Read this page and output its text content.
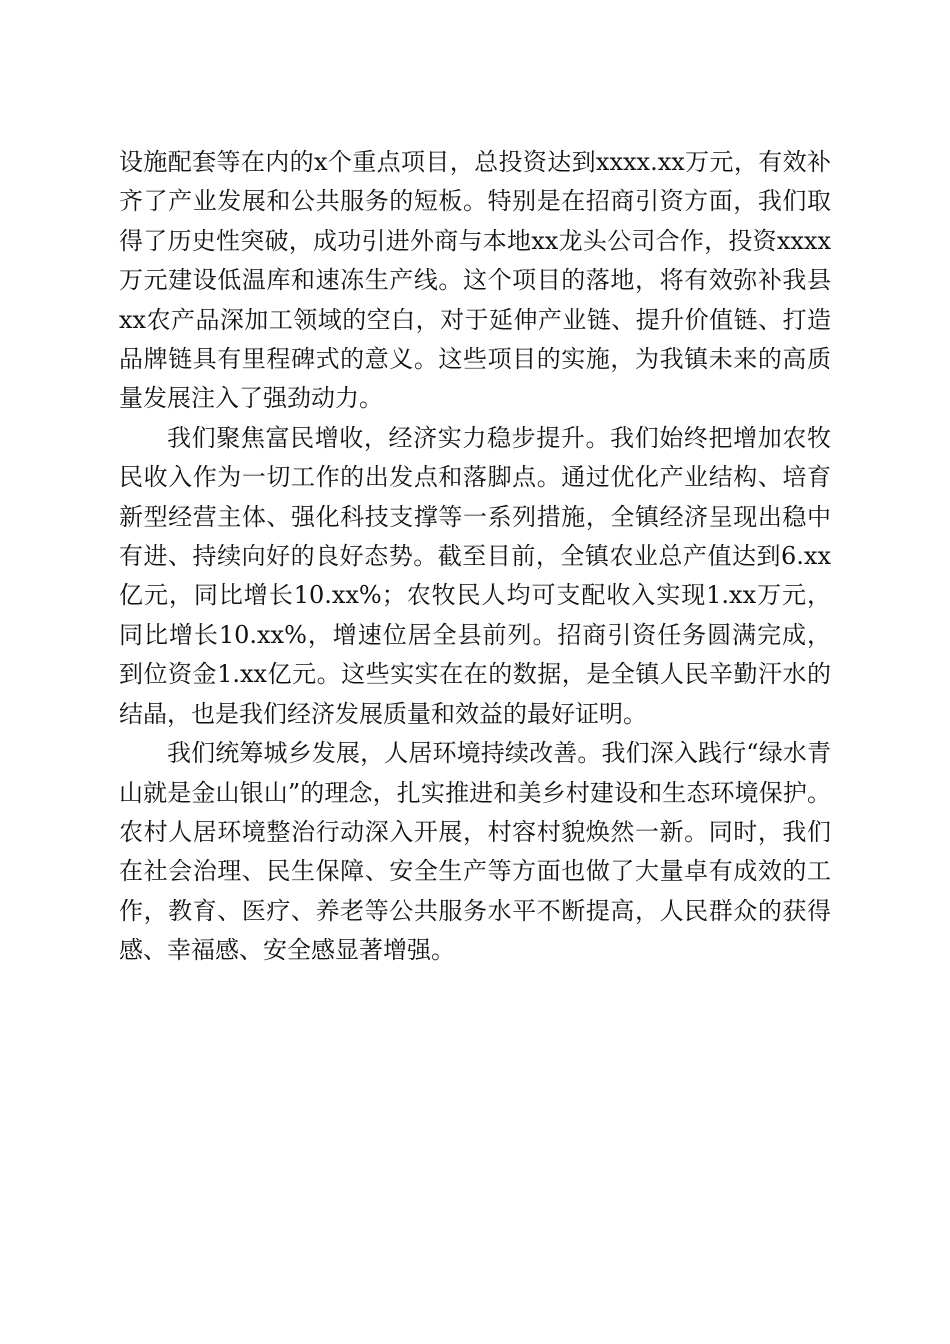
设施配套等在内的x个重点项目，总投资达到xxxx.xx万元，有效补齐了产业发展和公共服务的短板。特别是在招商引资方面，我们取得了历史性突破，成功引进外商与本地xx龙头公司合作，投资xxxx万元建设低温库和速冻生产线。这个项目的落地，将有效弥补我县xx农产品深加工领域的空白，对于延伸产业链、提升价值链、打造品牌链具有里程碑式的意义。这些项目的实施，为我镇未来的高质量发展注入了强劲动力。

我们聚焦富民增收，经济实力稳步提升。我们始终把增加农牧民收入作为一切工作的出发点和落脚点。通过优化产业结构、培育新型经营主体、强化科技支撑等一系列措施，全镇经济呈现出稳中有进、持续向好的良好态势。截至目前，全镇农业总产值达到6.xx亿元，同比增长10.xx%；农牧民人均可支配收入实现1.xx万元，同比增长10.xx%，增速位居全县前列。招商引资任务圆满完成，到位资金1.xx亿元。这些实实在在的数据，是全镇人民辛勤汗水的结晶，也是我们经济发展质量和效益的最好证明。

我们统筹城乡发展，人居环境持续改善。我们深入践行“绿水青山就是金山银山”的理念，扎实推进和美乡村建设和生态环境保护。农村人居环境整治行动深入开展，村容村貌焕然一新。同时，我们在社会治理、民生保障、安全生产等方面也做了大量卓有成效的工作，教育、医疗、养老等公共服务水平不断提高，人民群众的获得感、幸福感、安全感显著增强。
